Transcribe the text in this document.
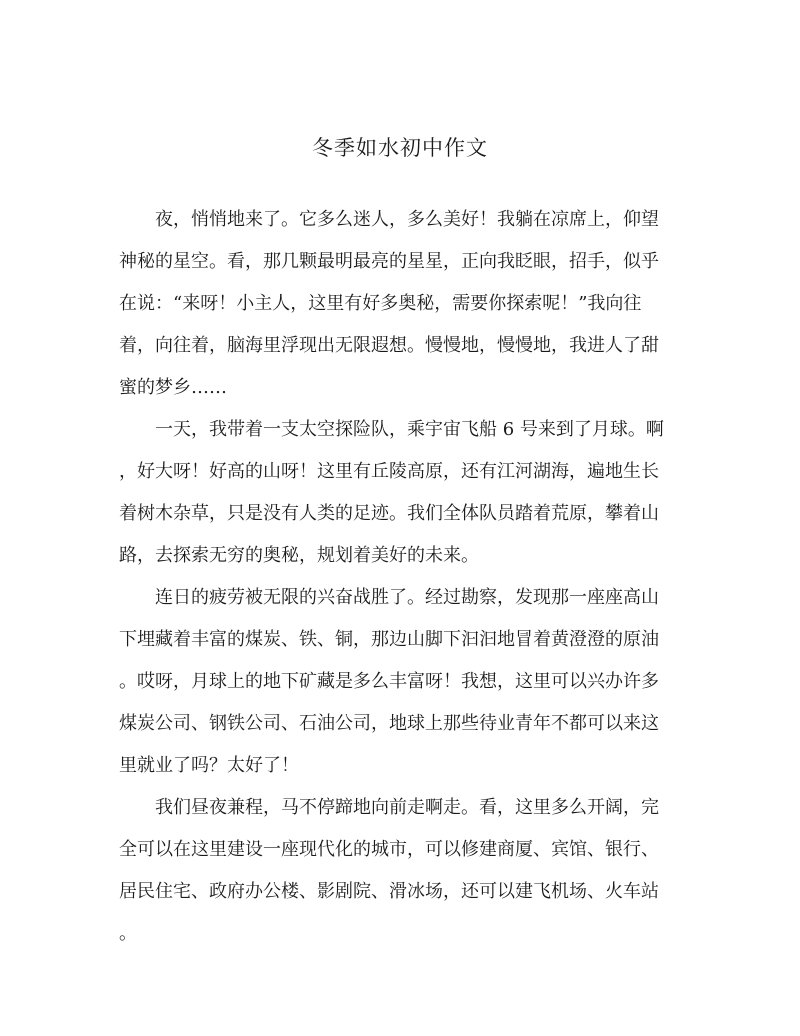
冬季如水初中作文
　　夜，悄悄地来了。它多么迷人，多么美好！我躺在凉席上，仰望
神秘的星空。看，那几颗最明最亮的星星，正向我眨眼，招手，似乎
在说：“来呀！小主人，这里有好多奥秘，需要你探索呢！”我向往
着，向往着，脑海里浮现出无限遐想。慢慢地，慢慢地，我进人了甜
蜜的梦乡……
　　一天，我带着一支太空探险队，乘宇宙飞船 6 号来到了月球。啊
，好大呀！好高的山呀！这里有丘陵高原，还有江河湖海，遍地生长
着树木杂草，只是没有人类的足迹。我们全体队员踏着荒原，攀着山
路，去探索无穷的奥秘，规划着美好的未来。
　　连日的疲劳被无限的兴奋战胜了。经过勘察，发现那一座座高山
下埋藏着丰富的煤炭、铁、铜，那边山脚下汩汩地冒着黄澄澄的原油
。哎呀，月球上的地下矿藏是多么丰富呀！我想，这里可以兴办许多
煤炭公司、钢铁公司、石油公司，地球上那些待业青年不都可以来这
里就业了吗？太好了！
　　我们昼夜兼程，马不停蹄地向前走啊走。看，这里多么开阔，完
全可以在这里建设一座现代化的城市，可以修建商厦、宾馆、银行、
居民住宅、政府办公楼、影剧院、滑冰场，还可以建飞机场、火车站
。
